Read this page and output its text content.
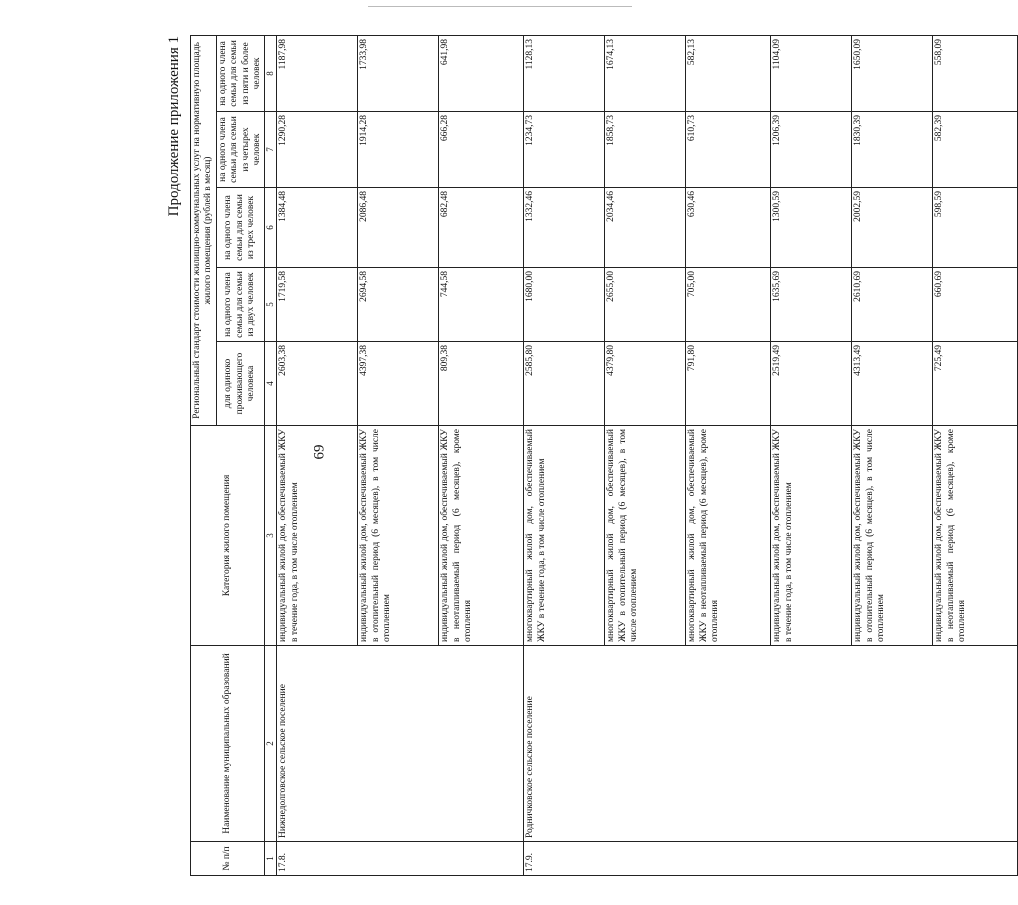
69
Продолжение приложения 1
№ п/п	Наименование муниципальных образований	Категория жилого помещения	Региональный стандарт стоимости жилищно-коммунальных услуг на нормативную площадь жилого помещения (рублей в месяц)				
			для одиноко проживающего человека	на одного члена семьи для семьи из двух человек	на одного члена семьи для семьи из трех человек	на одного члена семьи для семьи из четырех человек	на одного члена семьи для семьи из пяти и более человек
1	2	3	4	5	6	7	8
17.8.	Нижнедолговское сельское поселение	индивидуальный жилой дом, обеспечиваемый ЖКУ в течение года, в том числе отоплением	2603,38	1719,58	1384,48	1290,28	1187,98
		индивидуальный жилой дом, обеспечиваемый ЖКУ в отопительный период (6 месяцев), в том числе отоплением	4397,38	2694,58	2086,48	1914,28	1733,98
		индивидуальный жилой дом, обеспечиваемый ЖКУ в неотапливаемый период (6 месяцев), кроме отопления	809,38	744,58	682,48	666,28	641,98
17.9.	Родничковское сельское поселение	многоквартирный жилой дом, обеспечиваемый ЖКУ в течение года, в том числе отоплением	2585,80	1680,00	1332,46	1234,73	1128,13
		многоквартирный жилой дом, обеспечиваемый ЖКУ в отопительный период (6 месяцев), в том числе отоплением	4379,80	2655,00	2034,46	1858,73	1674,13
		многоквартирный жилой дом, обеспечиваемый ЖКУ в неотапливаемый период (6 месяцев), кроме отопления	791,80	705,00	630,46	610,73	582,13
		индивидуальный жилой дом, обеспечиваемый ЖКУ в течение года, в том числе отоплением	2519,49	1635,69	1300,59	1206,39	1104,09
		индивидуальный жилой дом, обеспечиваемый ЖКУ в отопительный период (6 месяцев), в том числе отоплением	4313,49	2610,69	2002,59	1830,39	1650,09
		индивидуальный жилой дом, обеспечиваемый ЖКУ в неотапливаемый период (6 месяцев), кроме отопления	725,49	660,69	598,59	582,39	558,09
